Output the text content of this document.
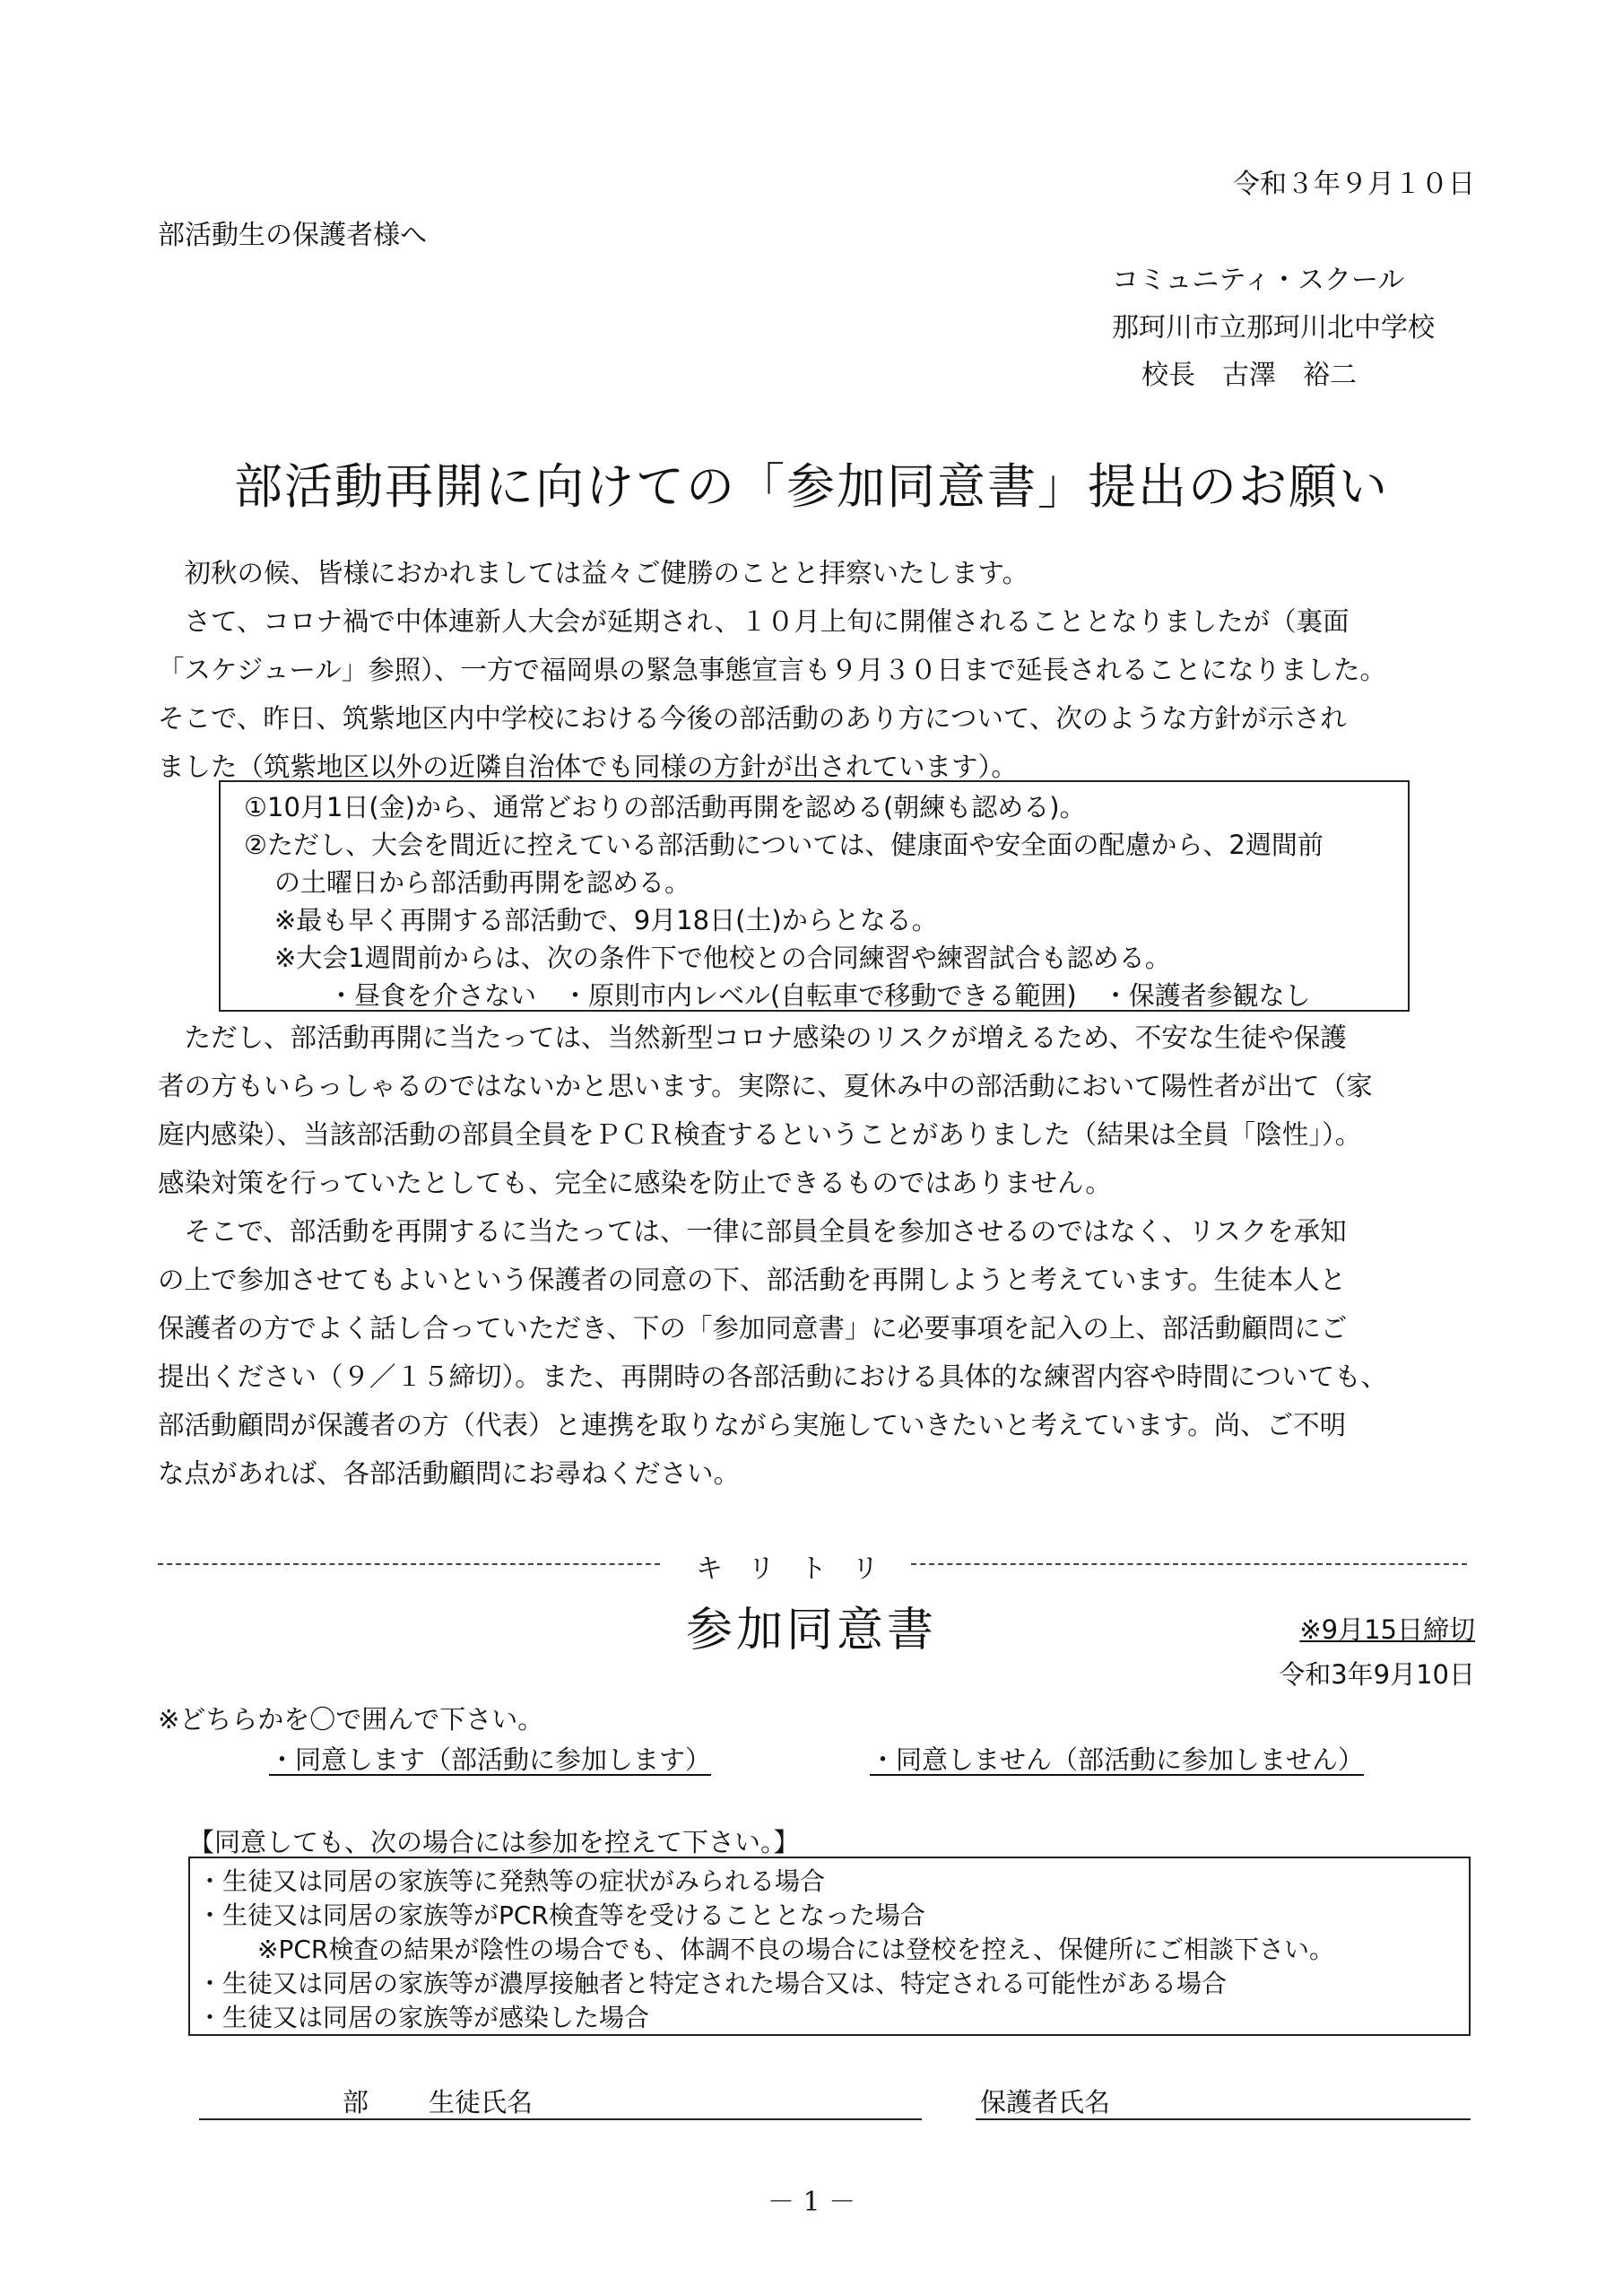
令和３年９月１０日
部活動生の保護者様へ
コミュニティ・スクール
那珂川市立那珂川北中学校
校長　古澤　裕二
部活動再開に向けての「参加同意書」提出のお願い

　初秋の候、皆様におかれましては益々ご健勝のことと拝察いたします。

　さて、コロナ禍で中体連新人大会が延期され、１０月上旬に開催されることとなりましたが（裏面

「スケジュール」参照）、一方で福岡県の緊急事態宣言も９月３０日まで延長されることになりました。

そこで、昨日、筑紫地区内中学校における今後の部活動のあり方について、次のような方針が示され

ました（筑紫地区以外の近隣自治体でも同様の方針が出されています）。

①10月1日(金)から、通常どおりの部活動再開を認める(朝練も認める)。
②ただし、大会を間近に控えている部活動については、健康面や安全面の配慮から、2週間前
の土曜日から部活動再開を認める。
※最も早く再開する部活動で、9月18日(土)からとなる。
※大会1週間前からは、次の条件下で他校との合同練習や練習試合も認める。
・昼食を介さない　・原則市内レベル(自転車で移動できる範囲)　・保護者参観なし

　ただし、部活動再開に当たっては、当然新型コロナ感染のリスクが増えるため、不安な生徒や保護

者の方もいらっしゃるのではないかと思います。実際に、夏休み中の部活動において陽性者が出て（家

庭内感染）、当該部活動の部員全員をＰＣＲ検査するということがありました（結果は全員「陰性」）。

感染対策を行っていたとしても、完全に感染を防止できるものではありません。

　そこで、部活動を再開するに当たっては、一律に部員全員を参加させるのではなく、リスクを承知

の上で参加させてもよいという保護者の同意の下、部活動を再開しようと考えています。生徒本人と

保護者の方でよく話し合っていただき、下の「参加同意書」に必要事項を記入の上、部活動顧問にご

提出ください（９／１５締切）。また、再開時の各部活動における具体的な練習内容や時間についても、

部活動顧問が保護者の方（代表）と連携を取りながら実施していきたいと考えています。尚、ご不明

な点があれば、各部活動顧問にお尋ねください。

キリトリ
参加同意書	※9月15日締切
令和3年9月10日
※どちらかを〇で囲んで下さい。
・同意します（部活動に参加します）	・同意しません（部活動に参加しません）
【同意しても、次の場合には参加を控えて下さい。】
・生徒又は同居の家族等に発熱等の症状がみられる場合
・生徒又は同居の家族等がPCR検査等を受けることとなった場合
※PCR検査の結果が陰性の場合でも、体調不良の場合には登校を控え、保健所にご相談下さい。
・生徒又は同居の家族等が濃厚接触者と特定された場合又は、特定される可能性がある場合
・生徒又は同居の家族等が感染した場合
部 生徒氏名	保護者氏名
－ 1 －
